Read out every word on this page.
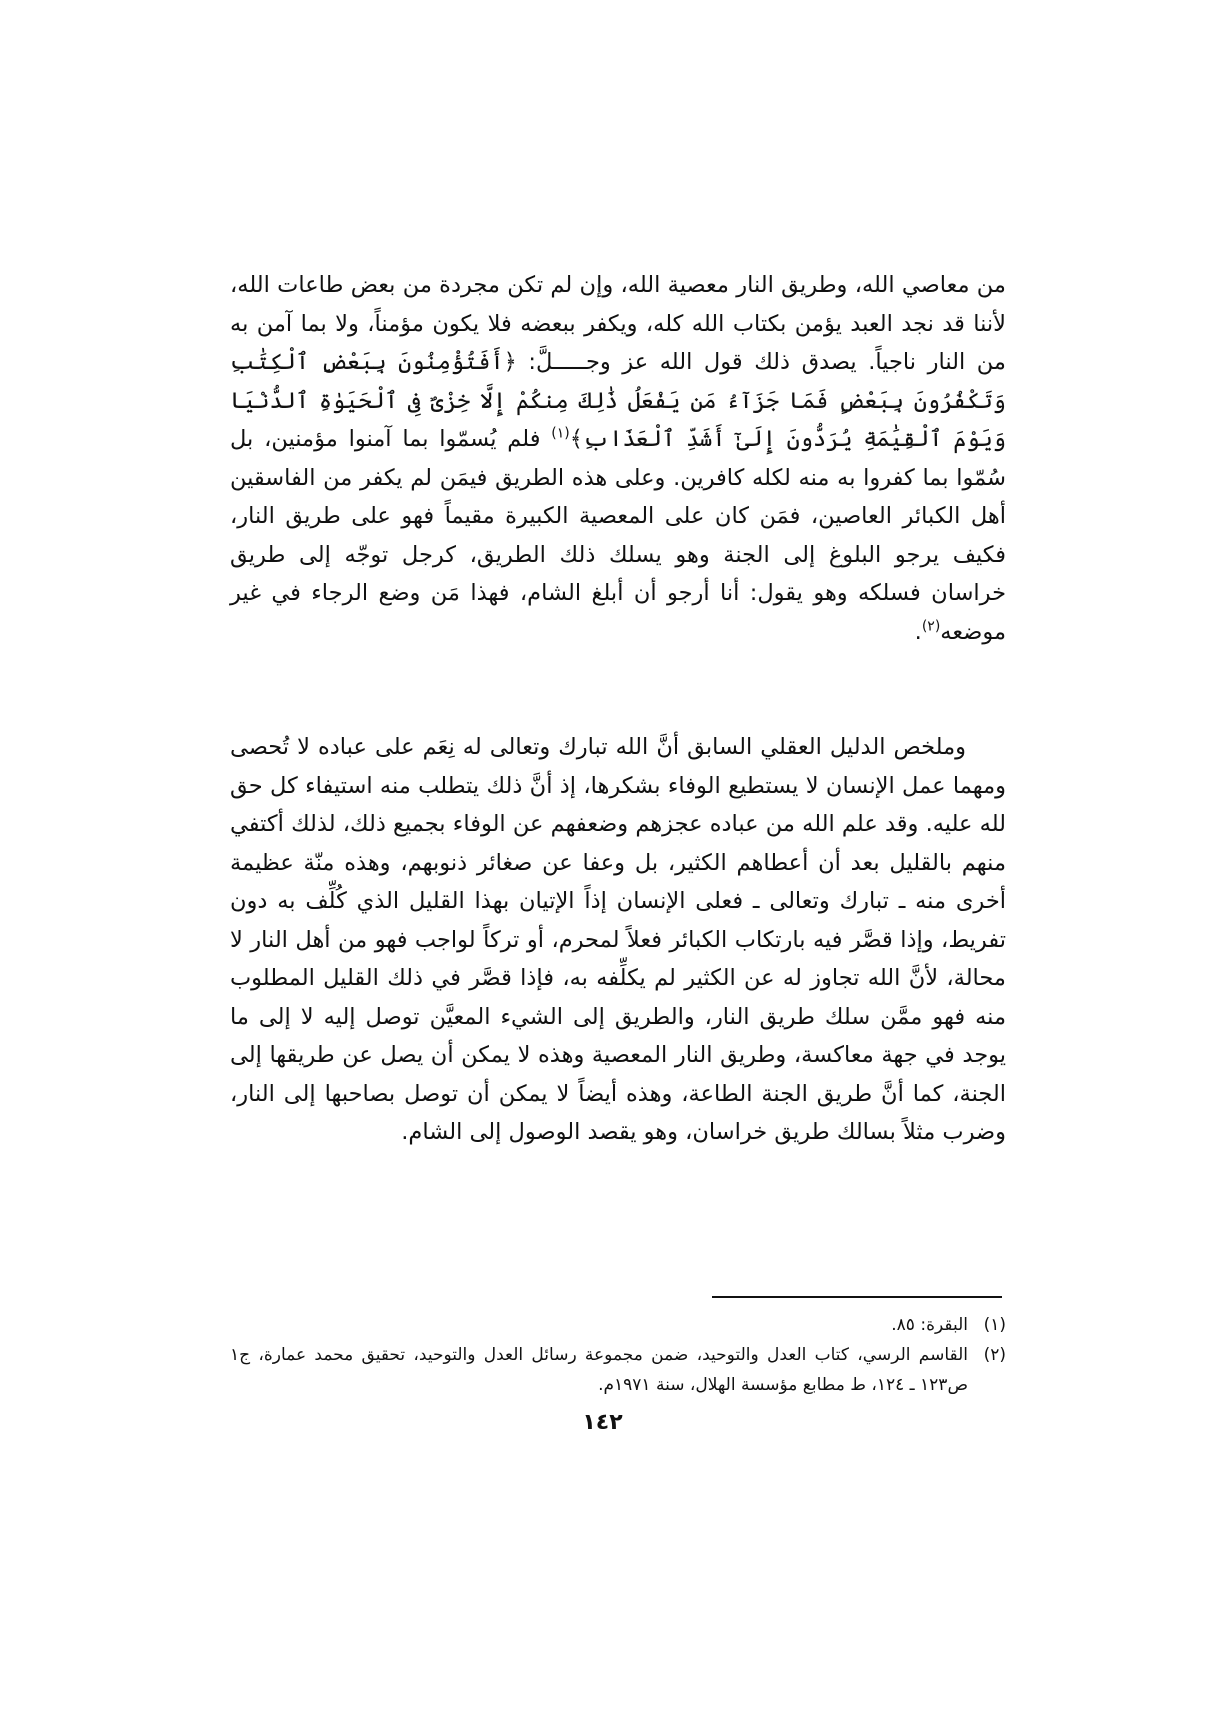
من معاصي الله، وطريق النار معصية الله، وإن لم تكن مجردة من بعض طاعات الله، لأننا قد نجد العبد يؤمن بكتاب الله كله، ويكفر ببعضه فلا يكون مؤمناً، ولا بما آمن به من النار ناجياً. يصدق ذلك قول الله عز وجـــــلَّ: ﴿أَفَتُؤْمِنُونَ بِبَعْضِ ٱلْكِتَٰبِ وَتَكْفُرُونَ بِبَعْضٍ فَمَا جَزَآءُ مَن يَفْعَلُ ذَٰلِكَ مِنكُمْ إِلَّا خِزْىٌ فِى ٱلْحَيَوٰةِ ٱلدُّنْيَا وَيَوْمَ ٱلْقِيَٰمَةِ يُرَدُّونَ إِلَىٰٓ أَشَدِّ ٱلْعَذَابِ﴾$^{(١)}$ فلم يُسمّوا بما آمنوا مؤمنين، بل سُمّوا بما كفروا به منه لكله كافرين. وعلى هذه الطريق فيمَن لم يكفر من الفاسقين أهل الكبائر العاصين، فمَن كان على المعصية الكبيرة مقيماً فهو على طريق النار، فكيف يرجو البلوغ إلى الجنة وهو يسلك ذلك الطريق، كرجل توجّه إلى طريق خراسان فسلكه وهو يقول: أنا أرجو أن أبلغ الشام، فهذا مَن وضع الرجاء في غير موضعه$^{(٢)}$.

وملخص الدليل العقلي السابق أنَّ الله تبارك وتعالى له نِعَم على عباده لا تُحصى ومهما عمل الإنسان لا يستطيع الوفاء بشكرها، إذ أنَّ ذلك يتطلب منه استيفاء كل حق لله عليه. وقد علم الله من عباده عجزهم وضعفهم عن الوفاء بجميع ذلك، لذلك أكتفي منهم بالقليل بعد أن أعطاهم الكثير، بل وعفا عن صغائر ذنوبهم، وهذه منّة عظيمة أخرى منه ـ تبارك وتعالى ـ فعلى الإنسان إذاً الإتيان بهذا القليل الذي كُلِّف به دون تفريط، وإذا قصَّر فيه بارتكاب الكبائر فعلاً لمحرم، أو تركاً لواجب فهو من أهل النار لا محالة، لأنَّ الله تجاوز له عن الكثير لم يكلِّفه به، فإذا قصَّر في ذلك القليل المطلوب منه فهو ممَّن سلك طريق النار، والطريق إلى الشيء المعيَّن توصل إليه لا إلى ما يوجد في جهة معاكسة، وطريق النار المعصية وهذه لا يمكن أن يصل عن طريقها إلى الجنة، كما أنَّ طريق الجنة الطاعة، وهذه أيضاً لا يمكن أن توصل بصاحبها إلى النار، وضرب مثلاً بسالك طريق خراسان، وهو يقصد الوصول إلى الشام.

(١)
البقرة: ٨٥.
(٢)
القاسم الرسي، كتاب العدل والتوحيد، ضمن مجموعة رسائل العدل والتوحيد، تحقيق محمد عمارة، ج١ ص١٢٣ ـ ١٢٤، ط مطابع مؤسسة الهلال، سنة ١٩٧١م.
١٤٢
